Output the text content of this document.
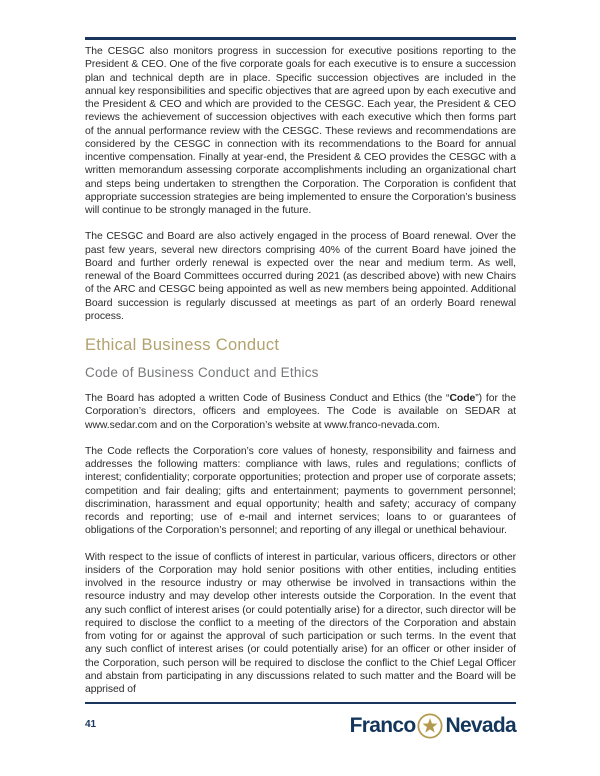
The CESGC also monitors progress in succession for executive positions reporting to the President & CEO. One of the five corporate goals for each executive is to ensure a succession plan and technical depth are in place. Specific succession objectives are included in the annual key responsibilities and specific objectives that are agreed upon by each executive and the President & CEO and which are provided to the CESGC. Each year, the President & CEO reviews the achievement of succession objectives with each executive which then forms part of the annual performance review with the CESGC. These reviews and recommendations are considered by the CESGC in connection with its recommendations to the Board for annual incentive compensation. Finally at year-end, the President & CEO provides the CESGC with a written memorandum assessing corporate accomplishments including an organizational chart and steps being undertaken to strengthen the Corporation. The Corporation is confident that appropriate succession strategies are being implemented to ensure the Corporation’s business will continue to be strongly managed in the future.

The CESGC and Board are also actively engaged in the process of Board renewal. Over the past few years, several new directors comprising 40% of the current Board have joined the Board and further orderly renewal is expected over the near and medium term. As well, renewal of the Board Committees occurred during 2021 (as described above) with new Chairs of the ARC and CESGC being appointed as well as new members being appointed. Additional Board succession is regularly discussed at meetings as part of an orderly Board renewal process.

Ethical Business Conduct
Code of Business Conduct and Ethics

The Board has adopted a written Code of Business Conduct and Ethics (the “Code”) for the Corporation’s directors, officers and employees. The Code is available on SEDAR at www.sedar.com and on the Corporation’s website at www.franco-nevada.com.

The Code reflects the Corporation’s core values of honesty, responsibility and fairness and addresses the following matters: compliance with laws, rules and regulations; conflicts of interest; confidentiality; corporate opportunities; protection and proper use of corporate assets; competition and fair dealing; gifts and entertainment; payments to government personnel; discrimination, harassment and equal opportunity; health and safety; accuracy of company records and reporting; use of e-mail and internet services; loans to or guarantees of obligations of the Corporation’s personnel; and reporting of any illegal or unethical behaviour.

With respect to the issue of conflicts of interest in particular, various officers, directors or other insiders of the Corporation may hold senior positions with other entities, including entities involved in the resource industry or may otherwise be involved in transactions within the resource industry and may develop other interests outside the Corporation. In the event that any such conflict of interest arises (or could potentially arise) for a director, such director will be required to disclose the conflict to a meeting of the directors of the Corporation and abstain from voting for or against the approval of such participation or such terms. In the event that any such conflict of interest arises (or could potentially arise) for an officer or other insider of the Corporation, such person will be required to disclose the conflict to the Chief Legal Officer and abstain from participating in any discussions related to such matter and the Board will be apprised of

41	Franco Nevada
